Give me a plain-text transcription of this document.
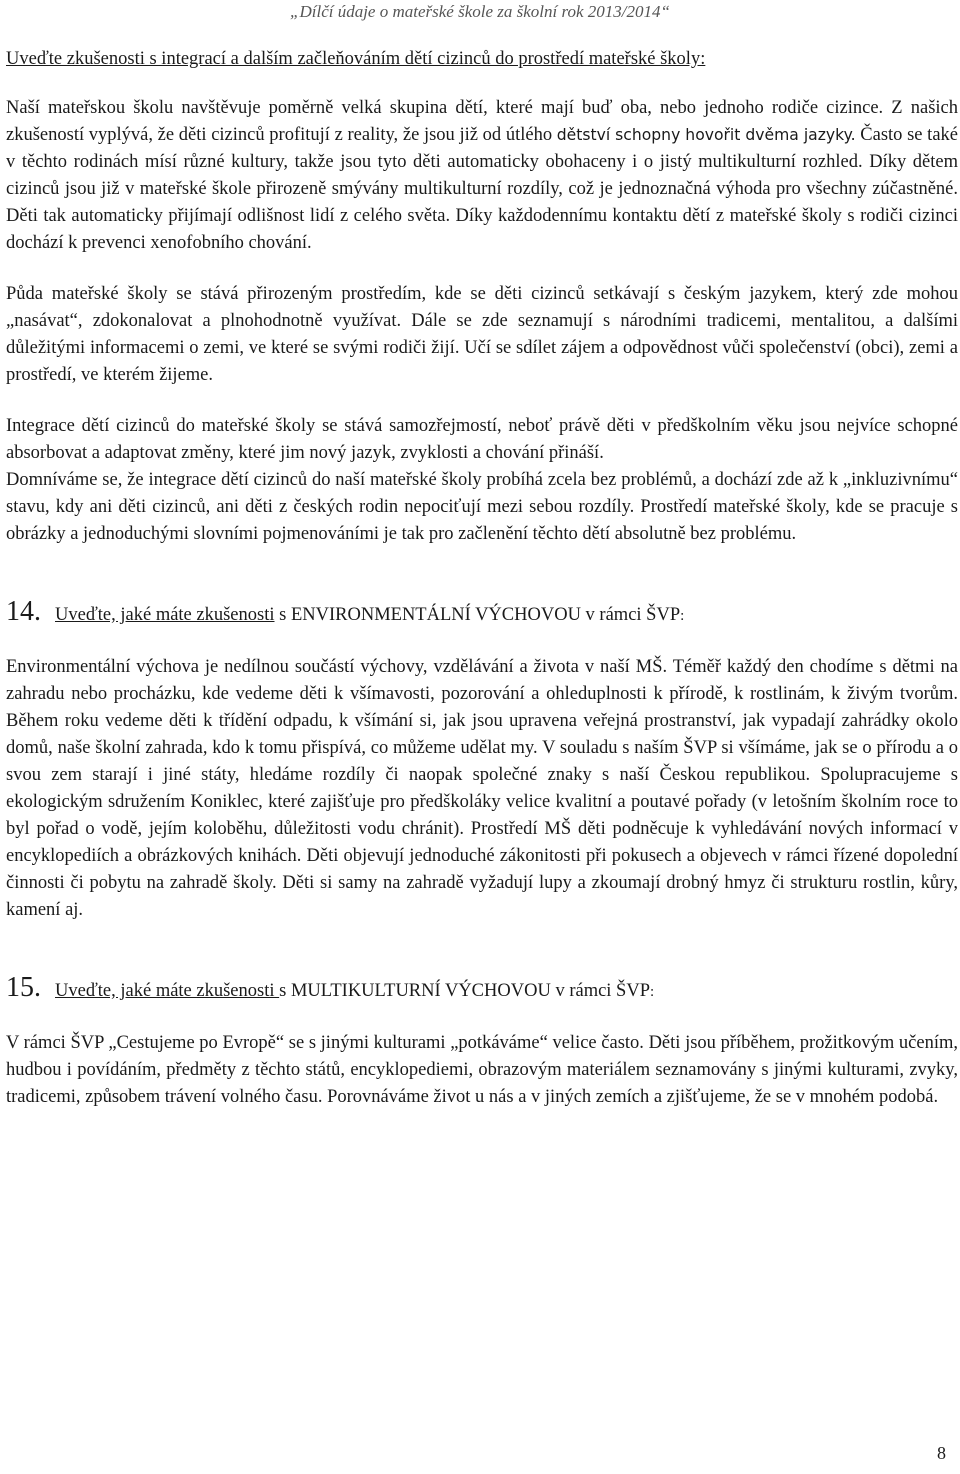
„Dílčí údaje o mateřské škole za školní rok 2013/2014“

Uveďte zkušenosti s integrací a dalším začleňováním dětí cizinců do prostředí mateřské školy:

Naší mateřskou školu navštěvuje poměrně velká skupina dětí, které mají buď oba, nebo jednoho rodiče cizince. Z našich zkušeností vyplývá, že děti cizinců profitují z reality, že jsou již od útlého dětství schopny hovořit dvěma jazyky. Často se také v těchto rodinách mísí různé kultury, takže jsou tyto děti automaticky obohaceny i o jistý multikulturní rozhled. Díky dětem cizinců jsou již v mateřské škole přirozeně smývány multikulturní rozdíly, což je jednoznačná výhoda pro všechny zúčastněné. Děti tak automaticky přijímají odlišnost lidí z celého světa. Díky každodennímu kontaktu dětí z mateřské školy s rodiči cizinci dochází k prevenci xenofobního chování.

Půda mateřské školy se stává přirozeným prostředím, kde se děti cizinců setkávají s českým jazykem, který zde mohou „nasávat“, zdokonalovat a plnohodnotně využívat. Dále se zde seznamují s národními tradicemi, mentalitou, a dalšími důležitými informacemi o zemi, ve které se svými rodiči žijí. Učí se sdílet zájem a odpovědnost vůči společenství (obci), zemi a prostředí, ve kterém žijeme.

Integrace dětí cizinců do mateřské školy se stává samozřejmostí, neboť právě děti v předškolním věku jsou nejvíce schopné absorbovat a adaptovat změny, které jim nový jazyk, zvyklosti a chování přináší.

Domníváme se, že integrace dětí cizinců do naší mateřské školy probíhá zcela bez problémů, a dochází zde až k „inkluzivnímu“ stavu, kdy ani děti cizinců, ani děti z českých rodin nepociťují mezi sebou rozdíly. Prostředí mateřské školy, kde se pracuje s obrázky a jednoduchými slovními pojmenováními je tak pro začlenění těchto dětí absolutně bez problému.

14. Uveďte, jaké máte zkušenosti s ENVIRONMENTÁLNÍ VÝCHOVOU v rámci ŠVP:

Environmentální výchova je nedílnou součástí výchovy, vzdělávání a života v naší MŠ. Téměř každý den chodíme s dětmi na zahradu nebo procházku, kde vedeme děti k všímavosti, pozorování a ohleduplnosti k přírodě, k rostlinám, k živým tvorům. Během roku vedeme děti k třídění odpadu, k všímání si, jak jsou upravena veřejná prostranství, jak vypadají zahrádky okolo domů, naše školní zahrada, kdo k tomu přispívá, co můžeme udělat my. V souladu s naším ŠVP si všímáme, jak se o přírodu a o svou zem starají i jiné státy, hledáme rozdíly či naopak společné znaky s naší Českou republikou. Spolupracujeme s ekologickým sdružením Koniklec, které zajišťuje pro předškoláky velice kvalitní a poutavé pořady (v letošním školním roce to byl pořad o vodě, jejím koloběhu, důležitosti vodu chránit). Prostředí MŠ děti podněcuje k vyhledávání nových informací v encyklopediích a obrázkových knihách. Děti objevují jednoduché zákonitosti při pokusech a objevech v rámci řízené dopolední činnosti či pobytu na zahradě školy. Děti si samy na zahradě vyžadují lupy a zkoumají drobný hmyz či strukturu rostlin, kůry, kamení aj.

15. Uveďte, jaké máte zkušenosti s MULTIKULTURNÍ VÝCHOVOU v rámci ŠVP:

V rámci ŠVP „Cestujeme po Evropě“ se s jinými kulturami „potkáváme“ velice často. Děti jsou příběhem, prožitkovým učením, hudbou i povídáním, předměty z těchto států, encyklopediemi, obrazovým materiálem seznamovány s jinými kulturami, zvyky, tradicemi, způsobem trávení volného času. Porovnáváme život u nás a v jiných zemích a zjišťujeme, že se v mnohém podobá.

8
